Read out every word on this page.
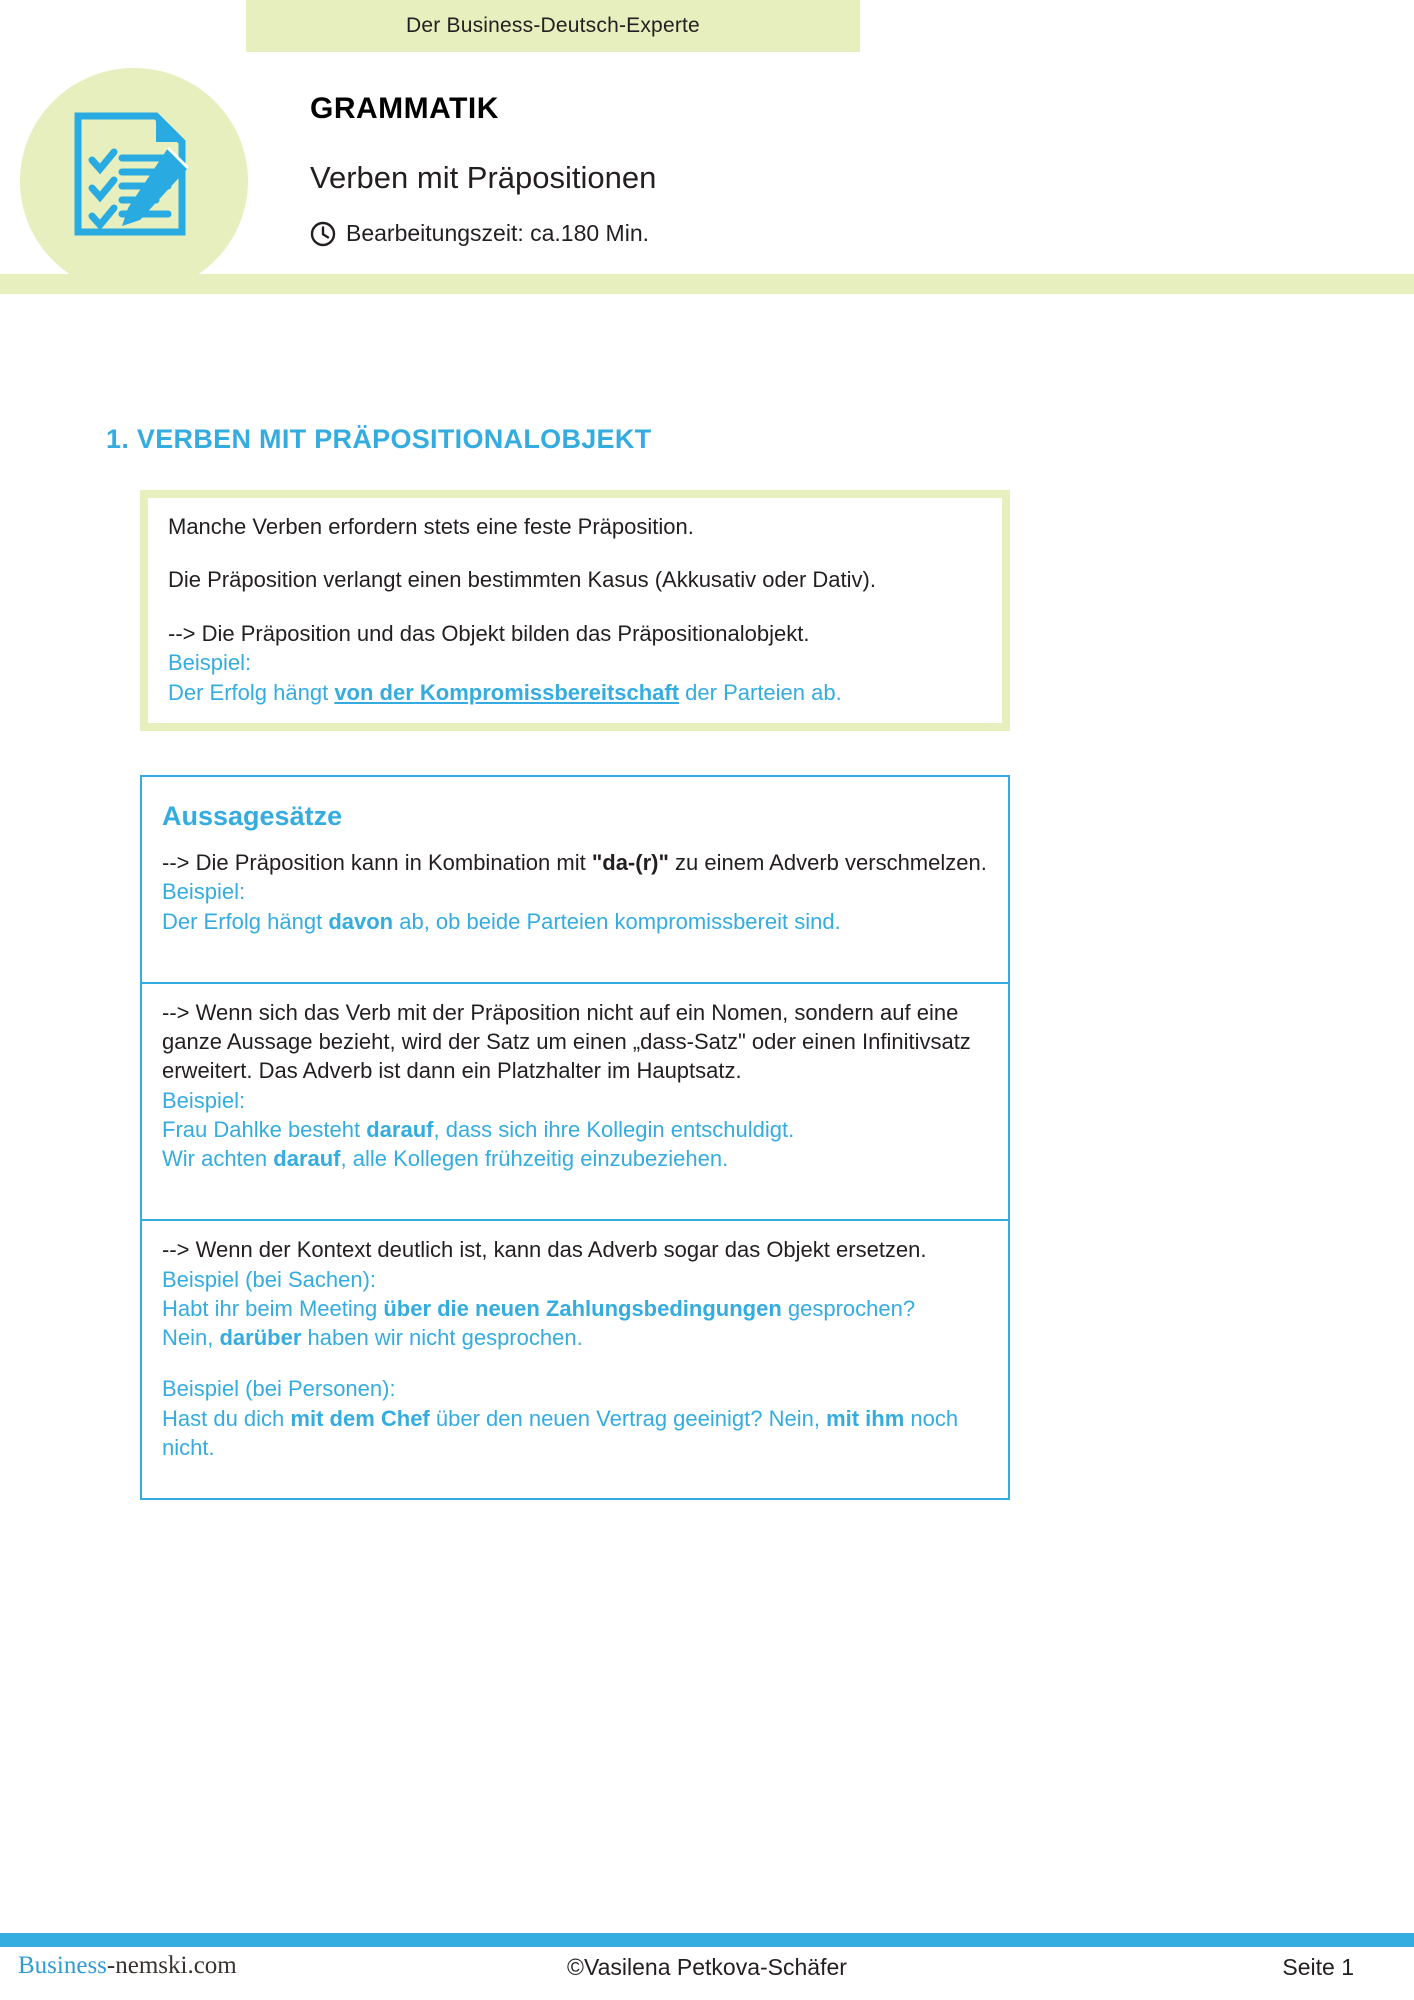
Der Business-Deutsch-Experte
GRAMMATIK
Verben mit Präpositionen
Bearbeitungszeit: ca.180 Min.
1. VERBEN MIT PRÄPOSITIONALOBJEKT

Manche Verben erfordern stets eine feste Präposition.

Die Präposition verlangt einen bestimmten Kasus (Akkusativ oder Dativ).

--> Die Präposition und das Objekt bilden das Präpositionalobjekt.

Beispiel:

Der Erfolg hängt von der Kompromissbereitschaft der Parteien ab.

Aussagesätze

--> Die Präposition kann in Kombination mit "da-(r)" zu einem Adverb verschmelzen.

Beispiel:

Der Erfolg hängt davon ab, ob beide Parteien kompromissbereit sind.

--> Wenn sich das Verb mit der Präposition nicht auf ein Nomen, sondern auf eine ganze Aussage bezieht, wird der Satz um einen „dass-Satz" oder einen Infinitivsatz erweitert. Das Adverb ist dann ein Platzhalter im Hauptsatz.

Beispiel:

Frau Dahlke besteht darauf, dass sich ihre Kollegin entschuldigt.

Wir achten darauf, alle Kollegen frühzeitig einzubeziehen.

--> Wenn der Kontext deutlich ist, kann das Adverb sogar das Objekt ersetzen.

Beispiel (bei Sachen):

Habt ihr beim Meeting über die neuen Zahlungsbedingungen gesprochen?

Nein, darüber haben wir nicht gesprochen.

Beispiel (bei Personen):

Hast du dich mit dem Chef über den neuen Vertrag geeinigt? Nein, mit ihm noch nicht.

Business-nemski.com	©Vasilena Petkova-Schäfer	Seite 1
